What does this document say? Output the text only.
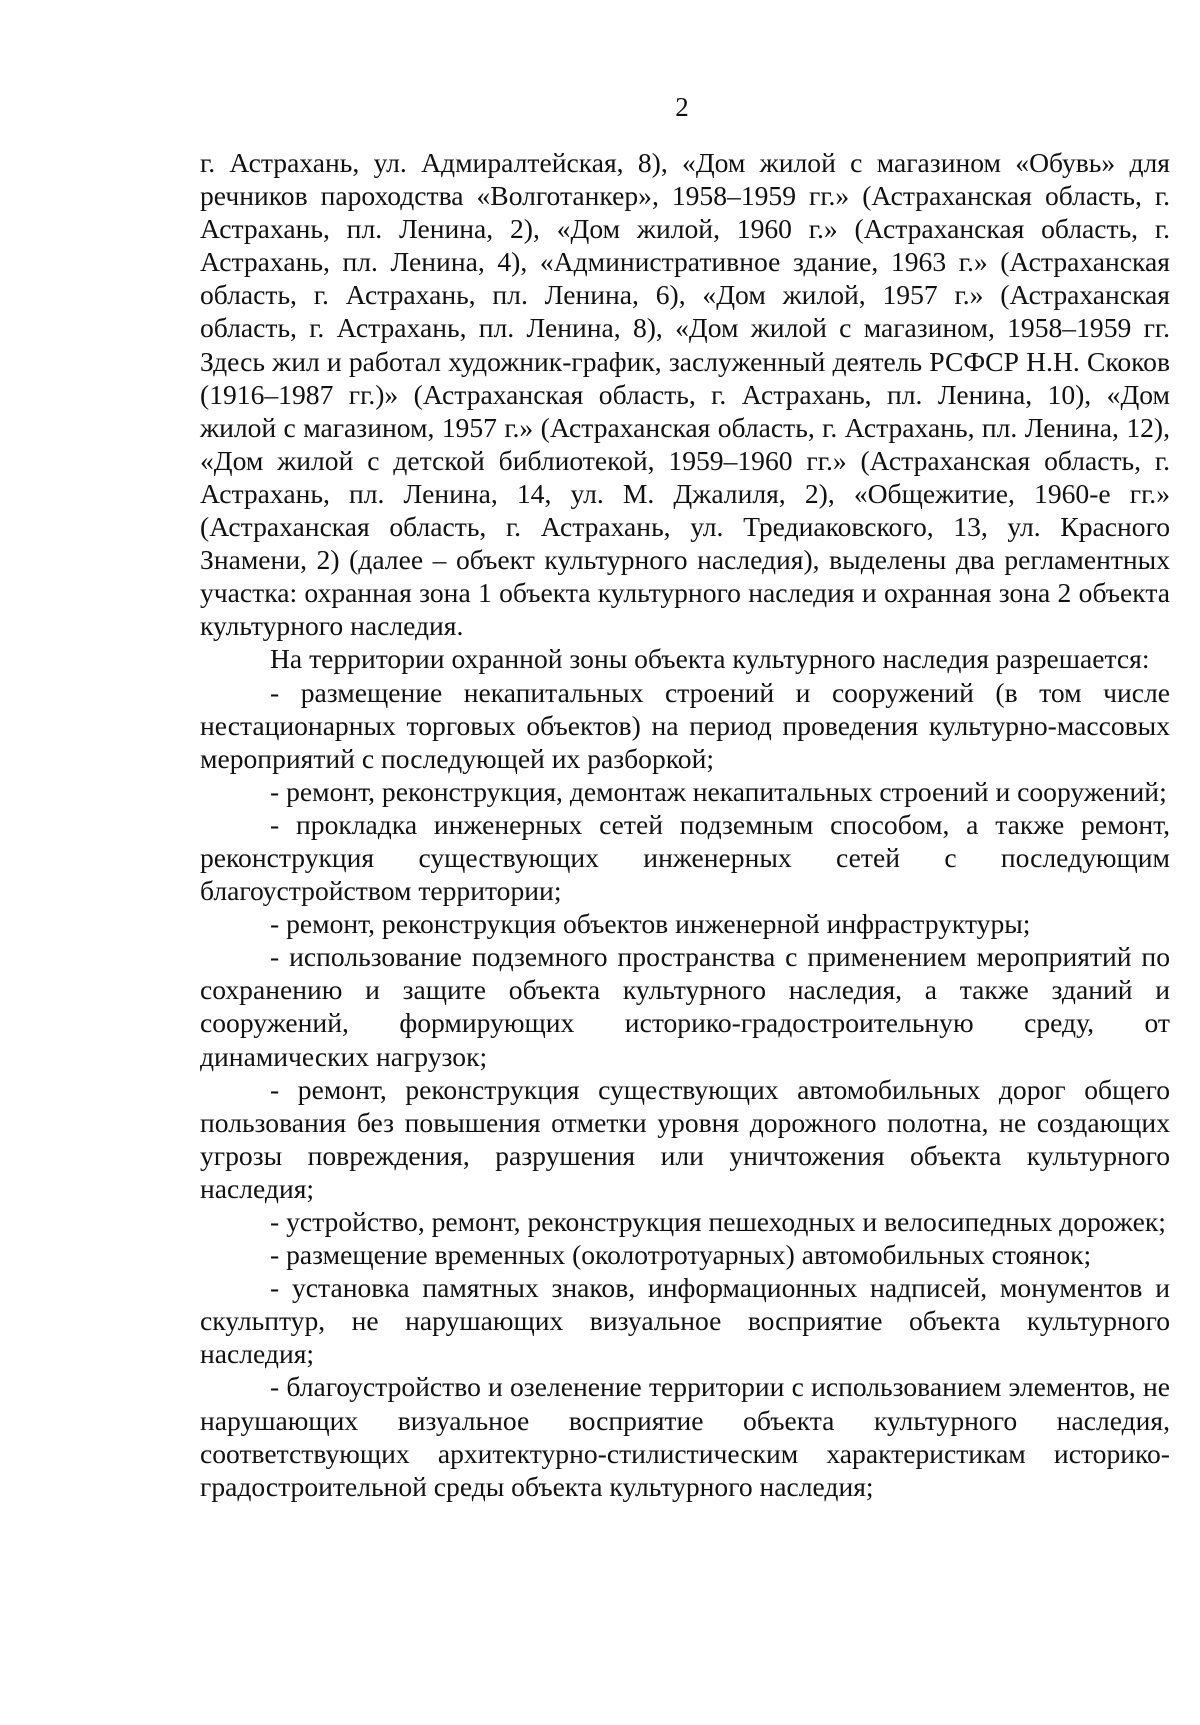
2

г. Астрахань, ул. Адмиралтейская, 8), «Дом жилой с магазином «Обувь» для речников пароходства «Волготанкер», 1958–1959 гг.» (Астраханская область, г. Астрахань, пл. Ленина, 2), «Дом жилой, 1960 г.» (Астраханская область, г. Астрахань, пл. Ленина, 4), «Административное здание, 1963 г.» (Астраханская область, г. Астрахань, пл. Ленина, 6), «Дом жилой, 1957 г.» (Астраханская область, г. Астрахань, пл. Ленина, 8), «Дом жилой с магазином, 1958–1959 гг. Здесь жил и работал художник-график, заслуженный деятель РСФСР Н.Н. Скоков (1916–1987 гг.)» (Астраханская область, г. Астрахань, пл. Ленина, 10), «Дом жилой с магазином, 1957 г.» (Астраханская область, г. Астрахань, пл. Ленина, 12), «Дом жилой с детской библиотекой, 1959–1960 гг.» (Астраханская область, г. Астрахань, пл. Ленина, 14, ул. М. Джалиля, 2), «Общежитие, 1960-е гг.» (Астраханская область, г. Астрахань, ул. Тредиаковского, 13, ул. Красного Знамени, 2) (далее – объект культурного наследия), выделены два регламентных участка: охранная зона 1 объекта культурного наследия и охранная зона 2 объекта культурного наследия.

На территории охранной зоны объекта культурного наследия разрешается:

- размещение некапитальных строений и сооружений (в том числе нестационарных торговых объектов) на период проведения культурно-массовых мероприятий с последующей их разборкой;

- ремонт, реконструкция, демонтаж некапитальных строений и сооружений;

- прокладка инженерных сетей подземным способом, а также ремонт, реконструкция существующих инженерных сетей с последующим благоустройством территории;

- ремонт, реконструкция объектов инженерной инфраструктуры;

- использование подземного пространства с применением мероприятий по сохранению и защите объекта культурного наследия, а также зданий и сооружений, формирующих историко-градостроительную среду, от динамических нагрузок;

- ремонт, реконструкция существующих автомобильных дорог общего пользования без повышения отметки уровня дорожного полотна, не создающих угрозы повреждения, разрушения или уничтожения объекта культурного наследия;

- устройство, ремонт, реконструкция пешеходных и велосипедных дорожек;

- размещение временных (околотротуарных) автомобильных стоянок;

- установка памятных знаков, информационных надписей, монументов и скульптур, не нарушающих визуальное восприятие объекта культурного наследия;

- благоустройство и озеленение территории с использованием элементов, не нарушающих визуальное восприятие объекта культурного наследия, соответствующих архитектурно-стилистическим характеристикам историко-градостроительной среды объекта культурного наследия;
